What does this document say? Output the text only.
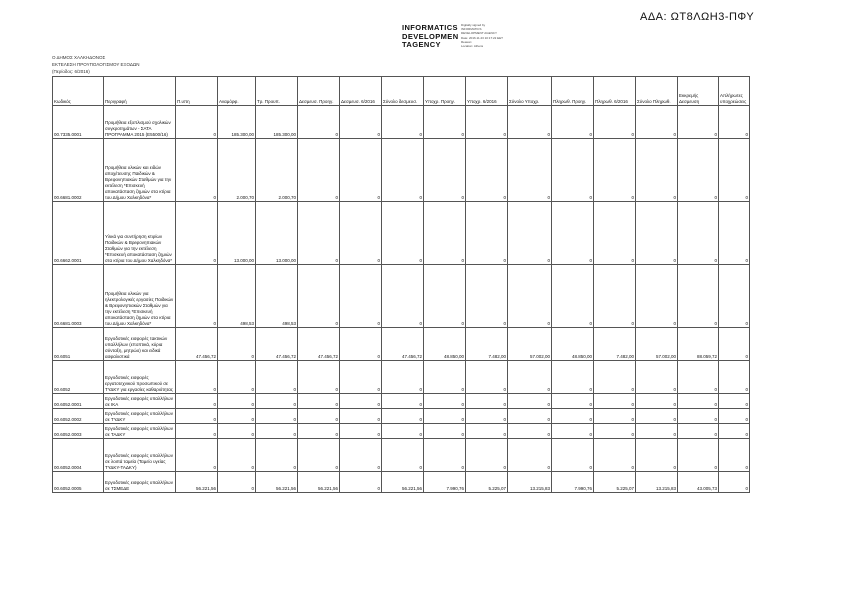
ΑΔΑ: ΩΤ8ΛΩΗ3-ΠΦΥ
INFORMATICS
DEVELOPMEN
TAGENCY
Digitally signed by
INFORMATICS
DEVELOPMENT AGENCY
Date: 2016.11.23 10:17:22 EET
Reason:
Location: Athens
Ο ΔΗΜΟΣ ΧΑΛΚΗΔΟΝΟΣ
ΕΚΤΕΛΕΣΗ ΠΡΟΥΠΟΛΟΓΙΣΜΟΥ ΕΞΟΔΩΝ
(Περίοδος: 6/2016)
Κωδικός	Περιγραφή	Π.υπη	Αναμόρφ.	Τρ. Προυπ.	Δεσμευσ. Προηγ.	Δεσμευσ. 6/2016	Σύνολο δεσμευσ.	Υποχρ. Προηγ.	Υποχρ. 6/2016	Σύνολο Υποχρ.	Πληρωθ. Προηγ.	Πληρωθ. 6/2016	Σύνολο Πληρωθ.	Εκκρεμής Δεσμευση	Απλήρωτες υποχρεώσεις
00.7335.0001	Προμήθεια εξοπλισμού σχολικών συγκροτημάτων - ΣΑΤΑ ΠΡΟΓΡΑΜΜΑ 2015 (Ε5500/16)	0	185.300,00	185.300,00	0	0	0	0	0	0	0	0	0	0	0
00.6681.0002	Προμήθεια υλικών και ειδών αποχέτευσης Παιδικών & Βρεφονηπιακών Σταθμών για την εκτέλεση *Επισκευή αποκατάσταση ζημιών στα κτίρια του Δήμου Χαλκηδόνα*	0	2.000,70	2.000,70	0	0	0	0	0	0	0	0	0	0	0
00.6662.0001	Υλικά για συντήρηση κτιρίων Παιδικών & Βρεφονηπιακών Σταθμών για την εκτέλεση *Επισκευή αποκατάσταση ζημιών στα κτίρια του Δήμου Χαλκηδόνα*	0	13.000,00	13.000,00	0	0	0	0	0	0	0	0	0	0	0
00.6681.0003	Προμήθεια υλικών για ηλεκτρολογικές εργασίες Παιδικών & Βρεφονηπιακών Σταθμών για την εκτέλεση *Επισκευή αποκατάσταση ζημιών στα κτίρια του Δήμου Χαλκηδόνα*	0	498,53	498,53	0	0	0	0	0	0	0	0	0	0	0
00.6051	Εργοδοτικές εισφορές τακτικών υπαλλήλων (εποπτικά, κύρια σύνταξη, μητρώο) και ειδικά ασφαλιστικά	47.456,72	0	47.456,72	47.456,72	0	47.456,72	48.850,00	7.482,00	57.002,00	48.850,00	7.482,00	57.002,00	88.059,72	0
00.6052	Εργοδοτικές εισφορές εργατοτεχνικού προσωπικού σε ΤΥΔΚΥ για εργασίες καθαριότητας	0	0	0	0	0	0	0	0	0	0	0	0	0	0
00.6052.0001	Εργοδοτικές εισφορές υπαλλήλων σε ΙΚΑ	0	0	0	0	0	0	0	0	0	0	0	0	0	0
00.6052.0002	Εργοδοτικές εισφορές υπαλλήλων σε ΤΥΔΚΥ	0	0	0	0	0	0	0	0	0	0	0	0	0	0
00.6052.0003	Εργοδοτικές εισφορές υπαλλήλων σε ΤΑΔΚΥ	0	0	0	0	0	0	0	0	0	0	0	0	0	0
00.6052.0004	Εργοδοτικές εισφορές υπαλλήλων σε λοιπά ταμεία (Ταμείο υγείας ΤΥΔΚΥ-ΤΑΔΚΥ)	0	0	0	0	0	0	0	0	0	0	0	0	0	0
00.6052.0005	Εργοδοτικές εισφορές υπαλλήλων σε ΤΣΜΕΔΕ	56.221,56	0	56.221,56	56.221,56	0	56.221,56	7.990,76	5.225,07	13.215,83	7.990,76	5.225,07	13.215,83	43.005,73	0
